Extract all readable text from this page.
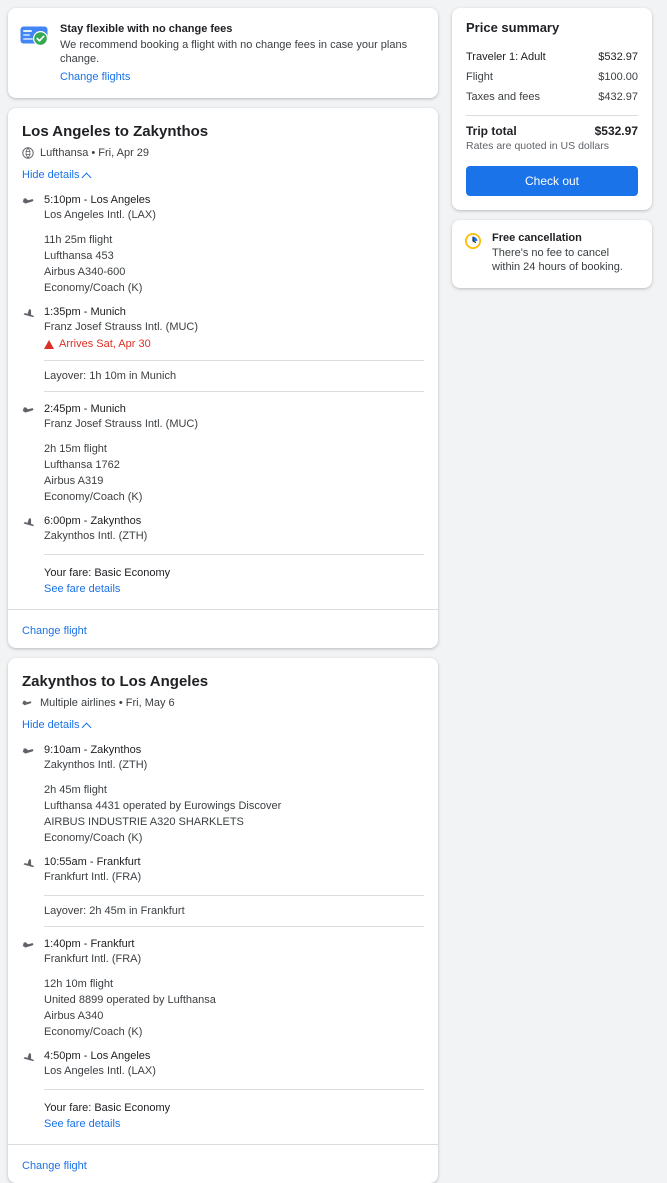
Stay flexible with no change fees
We recommend booking a flight with no change fees in case your plans change.
Change flights
Los Angeles to Zakynthos
Lufthansa • Fri, Apr 29
Hide details
5:10pm - Los Angeles
Los Angeles Intl. (LAX)
11h 25m flight
Lufthansa 453
Airbus A340-600
Economy/Coach (K)
1:35pm - Munich
Franz Josef Strauss Intl. (MUC)
Arrives Sat, Apr 30
Layover: 1h 10m in Munich
2:45pm - Munich
Franz Josef Strauss Intl. (MUC)
2h 15m flight
Lufthansa 1762
Airbus A319
Economy/Coach (K)
6:00pm - Zakynthos
Zakynthos Intl. (ZTH)
Your fare: Basic Economy
See fare details
Change flight
Zakynthos to Los Angeles
Multiple airlines • Fri, May 6
Hide details
9:10am - Zakynthos
Zakynthos Intl. (ZTH)
2h 45m flight
Lufthansa 4431 operated by Eurowings Discover
AIRBUS INDUSTRIE A320 SHARKLETS
Economy/Coach (K)
10:55am - Frankfurt
Frankfurt Intl. (FRA)
Layover: 2h 45m in Frankfurt
1:40pm - Frankfurt
Frankfurt Intl. (FRA)
12h 10m flight
United 8899 operated by Lufthansa
Airbus A340
Economy/Coach (K)
4:50pm - Los Angeles
Los Angeles Intl. (LAX)
Your fare: Basic Economy
See fare details
Change flight
Price summary
Traveler 1: Adult	$532.97
Flight	$100.00
Taxes and fees	$432.97
Trip total	$532.97
Rates are quoted in US dollars
Check out
Free cancellation
There's no fee to cancel within 24 hours of booking.
